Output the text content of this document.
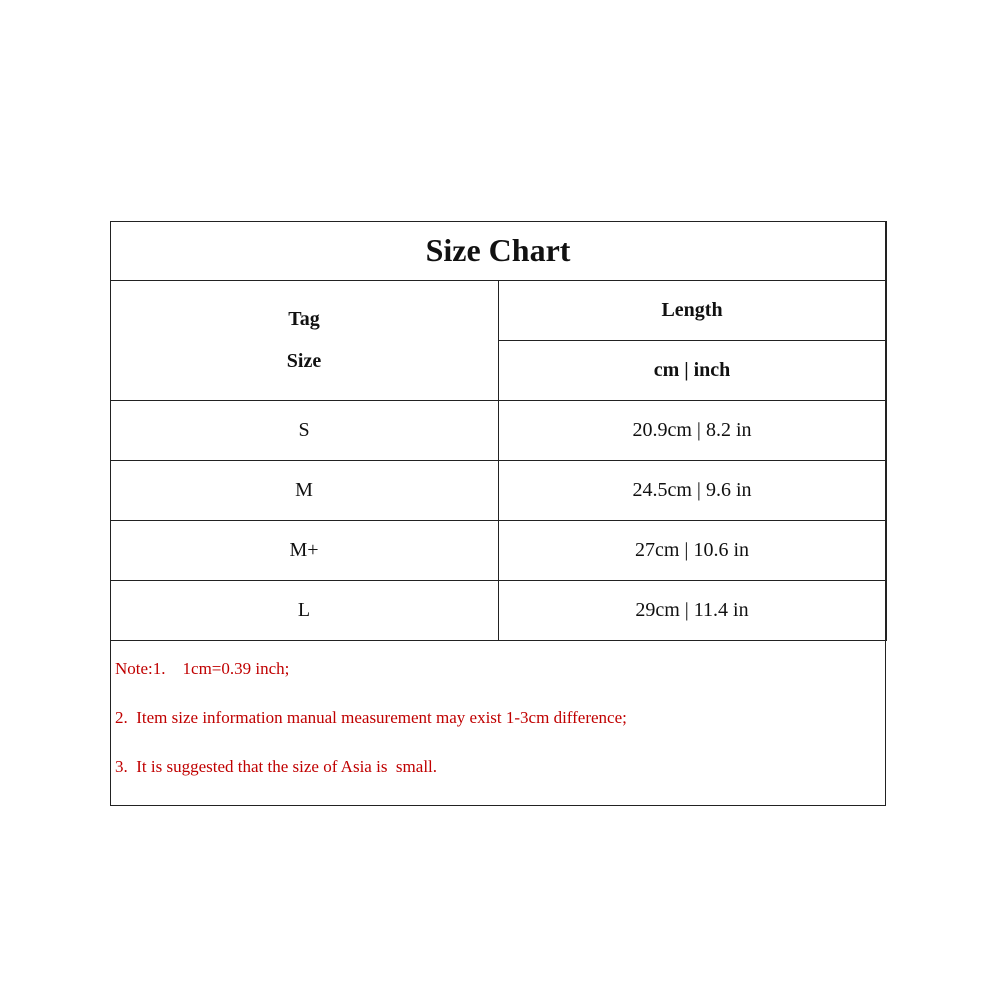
Size Chart	

Tag
Size	Length
	cm | inch
S	20.9cm | 8.2 in
M	24.5cm | 9.6 in
M+	27cm | 10.6 in
L	29cm | 11.4 in
Note:1.    1cm=0.39 inch;
2.  Item size information manual measurement may exist 1-3cm difference;
3.  It is suggested that the size of Asia is  small.
